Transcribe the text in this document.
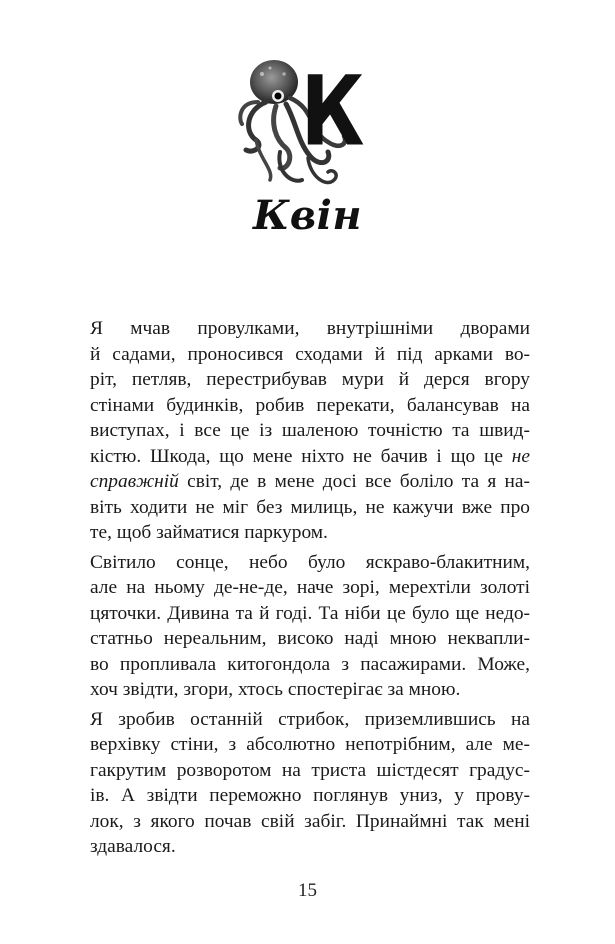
К
Квін
Я мчав провулками, внутрішніми дворами
й садами, проносився сходами й під арками во-
ріт, петляв, перестрибував мури й дерся вгору
стінами будинків, робив перекати, балансував на
виступах, і все це із шаленою точністю та швид-
кістю. Шкода, що мене ніхто не бачив і що це не
справжній світ, де в мене досі все боліло та я на-
віть ходити не міг без милиць, не кажучи вже про
те, щоб займатися паркуром.
Світило сонце, небо було яскраво-блакитним,
але на ньому де-не-де, наче зорі, мерехтіли золоті
цяточки. Дивина та й годі. Та ніби це було ще недо-
статньо нереальним, високо наді мною неквапли-
во пропливала китогондола з пасажирами. Може,
хоч звідти, згори, хтось спостерігає за мною.
Я зробив останній стрибок, приземлившись на
верхівку стіни, з абсолютно непотрібним, але ме-
гакрутим розворотом на триста шістдесят градус-
ів. А звідти переможно поглянув униз, у прову-
лок, з якого почав свій забіг. Принаймні так мені
здавалося.
15
